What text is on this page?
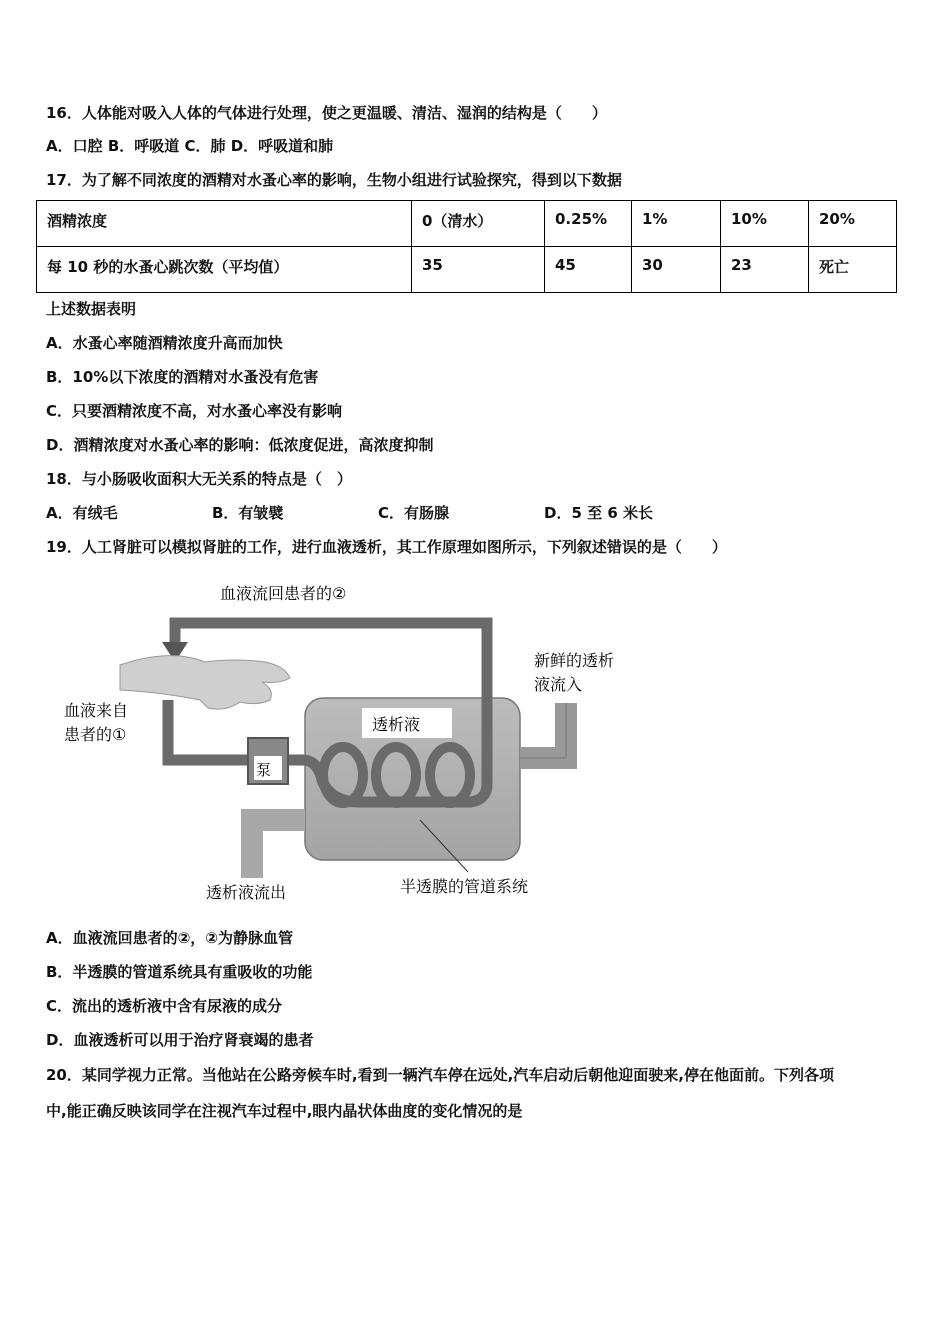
16．人体能对吸入人体的气体进行处理，使之更温暖、清洁、湿润的结构是（　　）
A．口腔 B．呼吸道 C．肺 D．呼吸道和肺
17．为了解不同浓度的酒精对水蚤心率的影响，生物小组进行试验探究，得到以下数据
酒精浓度	0（清水）	0.25%	1%	10%	20%
每 10 秒的水蚤心跳次数（平均值）	35	45	30	23	死亡
上述数据表明
A．水蚤心率随酒精浓度升高而加快
B．10%以下浓度的酒精对水蚤没有危害
C．只要酒精浓度不高，对水蚤心率没有影响
D．酒精浓度对水蚤心率的影响：低浓度促进，高浓度抑制
18．与小肠吸收面积大无关系的特点是（　）
A．有绒毛	B．有皱襞	C．有肠腺	D．5 至 6 米长
19．人工肾脏可以模拟肾脏的工作，进行血液透析，其工作原理如图所示，下列叙述错误的是（　　）
泵
透析液
血液流回患者的②
血液来自
患者的①
新鲜的透析
液流入
透析液流出	半透膜的管道系统
A．血液流回患者的②，②为静脉血管
B．半透膜的管道系统具有重吸收的功能
C．流出的透析液中含有尿液的成分
D．血液透析可以用于治疗肾衰竭的患者
20．某同学视力正常。当他站在公路旁候车时,看到一辆汽车停在远处,汽车启动后朝他迎面驶来,停在他面前。下列各项
中,能正确反映该同学在注视汽车过程中,眼内晶状体曲度的变化情况的是
